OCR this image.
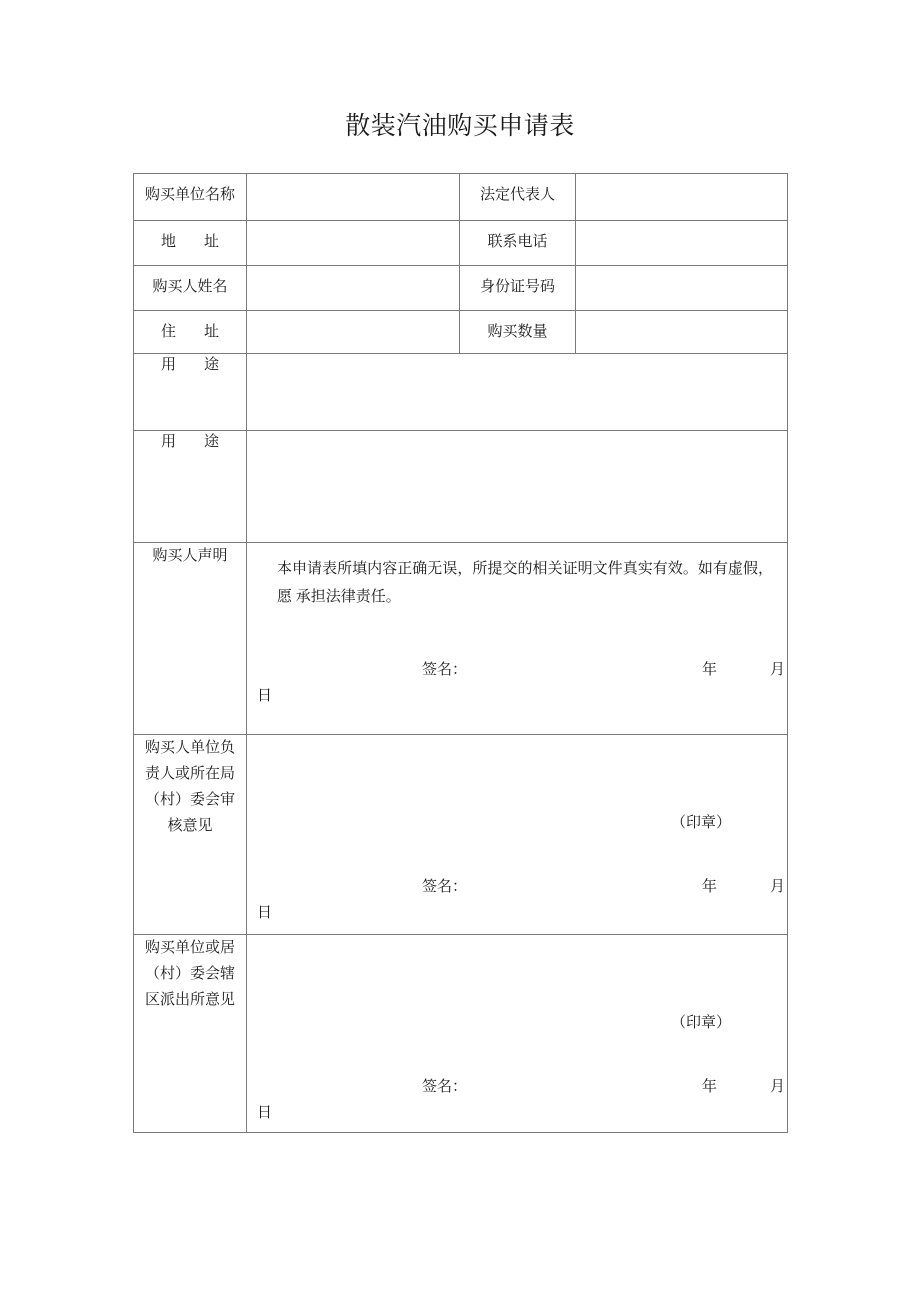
散装汽油购买申请表
购买单位名称		法定代表人	
地 址		联系电话	
购买人姓名		身份证号码	
住 址		购买数量	
用 途			
用 途			
购买人声明	本申请表所填内容正确无误，所提交的相关证明文件真实有效。如有虚假，愿 承担法律责任。
签名： 年 月
日		

购买人单位负责人或所在局（村）委会审核意见	（印章）
签名： 年 月
日		

购买单位或居（村）委会辖区派出所意见	（印章）
签名： 年 月
日		
